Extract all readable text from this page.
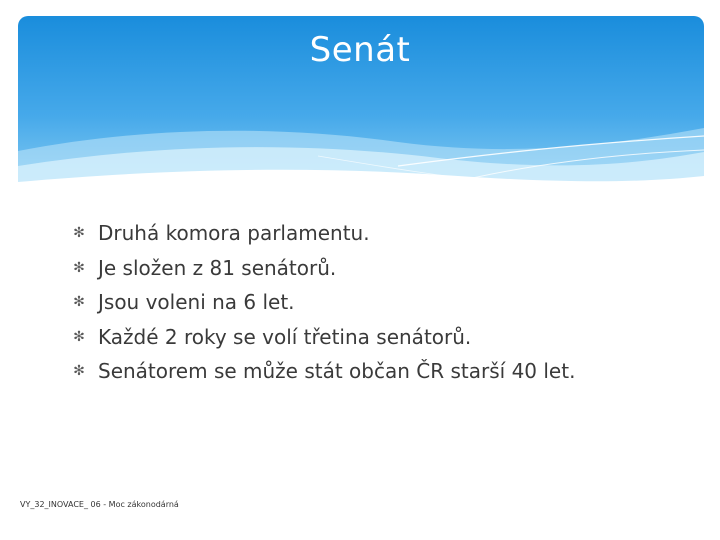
Senát
✻ Druhá komora parlamentu.
✻ Je složen z 81 senátorů.
✻ Jsou voleni na 6 let.
✻ Každé 2 roky se volí třetina senátorů.
✻ Senátorem se může stát občan ČR starší 40 let.
VY_32_INOVACE_ 06 - Moc zákonodárná
